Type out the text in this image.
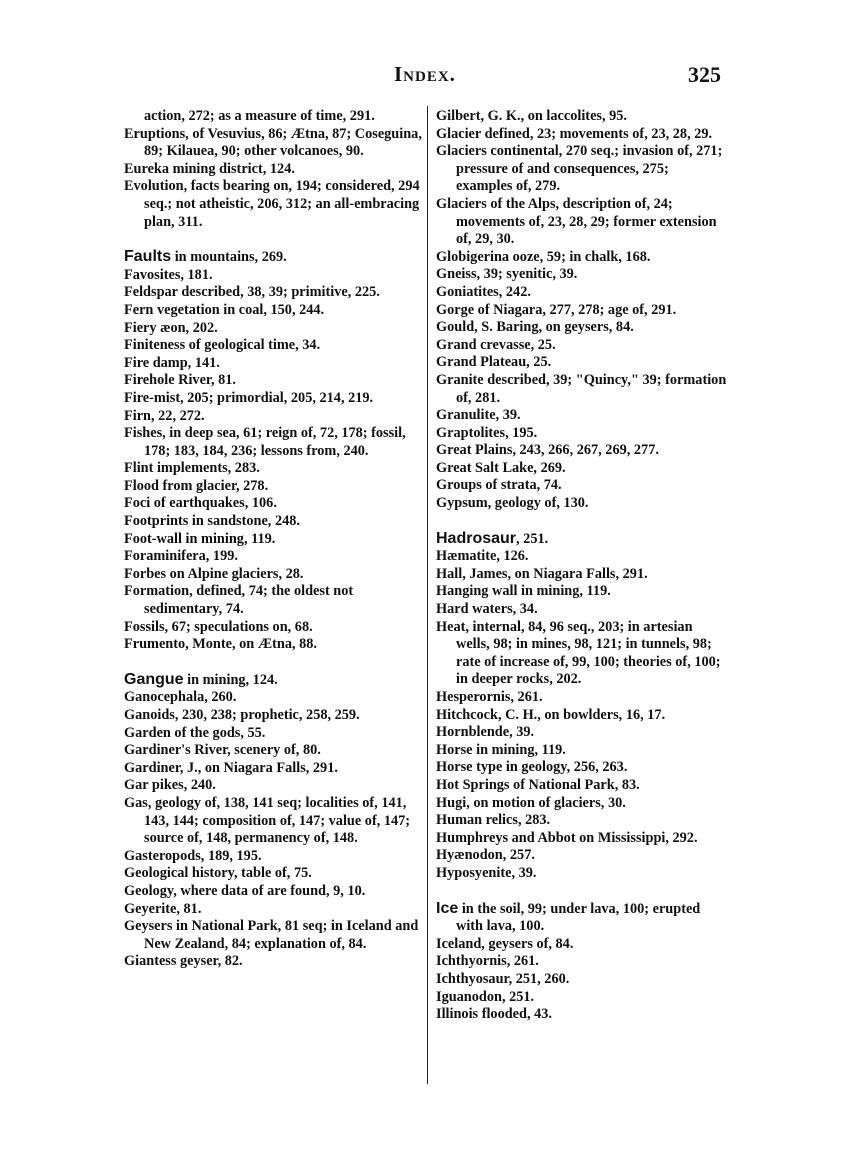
Index.	325

action, 272; as a measure of time, 291.

Eruptions, of Vesuvius, 86; Ætna, 87; Coseguina, 89; Kilauea, 90; other volcanoes, 90.

Eureka mining district, 124.

Evolution, facts bearing on, 194; considered, 294 seq.; not atheistic, 206, 312; an all-embracing plan, 311.

Faults in mountains, 269.

Favosites, 181.

Feldspar described, 38, 39; primitive, 225.

Fern vegetation in coal, 150, 244.

Fiery æon, 202.

Finiteness of geological time, 34.

Fire damp, 141.

Firehole River, 81.

Fire-mist, 205; primordial, 205, 214, 219.

Firn, 22, 272.

Fishes, in deep sea, 61; reign of, 72, 178; fossil, 178; 183, 184, 236; lessons from, 240.

Flint implements, 283.

Flood from glacier, 278.

Foci of earthquakes, 106.

Footprints in sandstone, 248.

Foot-wall in mining, 119.

Foraminifera, 199.

Forbes on Alpine glaciers, 28.

Formation, defined, 74; the oldest not sedimentary, 74.

Fossils, 67; speculations on, 68.

Frumento, Monte, on Ætna, 88.

Gangue in mining, 124.

Ganocephala, 260.

Ganoids, 230, 238; prophetic, 258, 259.

Garden of the gods, 55.

Gardiner's River, scenery of, 80.

Gardiner, J., on Niagara Falls, 291.

Gar pikes, 240.

Gas, geology of, 138, 141 seq; localities of, 141, 143, 144; composition of, 147; value of, 147; source of, 148, permanency of, 148.

Gasteropods, 189, 195.

Geological history, table of, 75.

Geology, where data of are found, 9, 10.

Geyerite, 81.

Geysers in National Park, 81 seq; in Iceland and New Zealand, 84; explanation of, 84.

Giantess geyser, 82.

Gilbert, G. K., on laccolites, 95.

Glacier defined, 23; movements of, 23, 28, 29.

Glaciers continental, 270 seq.; invasion of, 271; pressure of and consequences, 275; examples of, 279.

Glaciers of the Alps, description of, 24; movements of, 23, 28, 29; former extension of, 29, 30.

Globigerina ooze, 59; in chalk, 168.

Gneiss, 39; syenitic, 39.

Goniatites, 242.

Gorge of Niagara, 277, 278; age of, 291.

Gould, S. Baring, on geysers, 84.

Grand crevasse, 25.

Grand Plateau, 25.

Granite described, 39; "Quincy," 39; formation of, 281.

Granulite, 39.

Graptolites, 195.

Great Plains, 243, 266, 267, 269, 277.

Great Salt Lake, 269.

Groups of strata, 74.

Gypsum, geology of, 130.

Hadrosaur, 251.

Hæmatite, 126.

Hall, James, on Niagara Falls, 291.

Hanging wall in mining, 119.

Hard waters, 34.

Heat, internal, 84, 96 seq., 203; in artesian wells, 98; in mines, 98, 121; in tunnels, 98; rate of increase of, 99, 100; theories of, 100; in deeper rocks, 202.

Hesperornis, 261.

Hitchcock, C. H., on bowlders, 16, 17.

Hornblende, 39.

Horse in mining, 119.

Horse type in geology, 256, 263.

Hot Springs of National Park, 83.

Hugi, on motion of glaciers, 30.

Human relics, 283.

Humphreys and Abbot on Mississippi, 292.

Hyænodon, 257.

Hyposyenite, 39.

Ice in the soil, 99; under lava, 100; erupted with lava, 100.

Iceland, geysers of, 84.

Ichthyornis, 261.

Ichthyosaur, 251, 260.

Iguanodon, 251.

Illinois flooded, 43.
